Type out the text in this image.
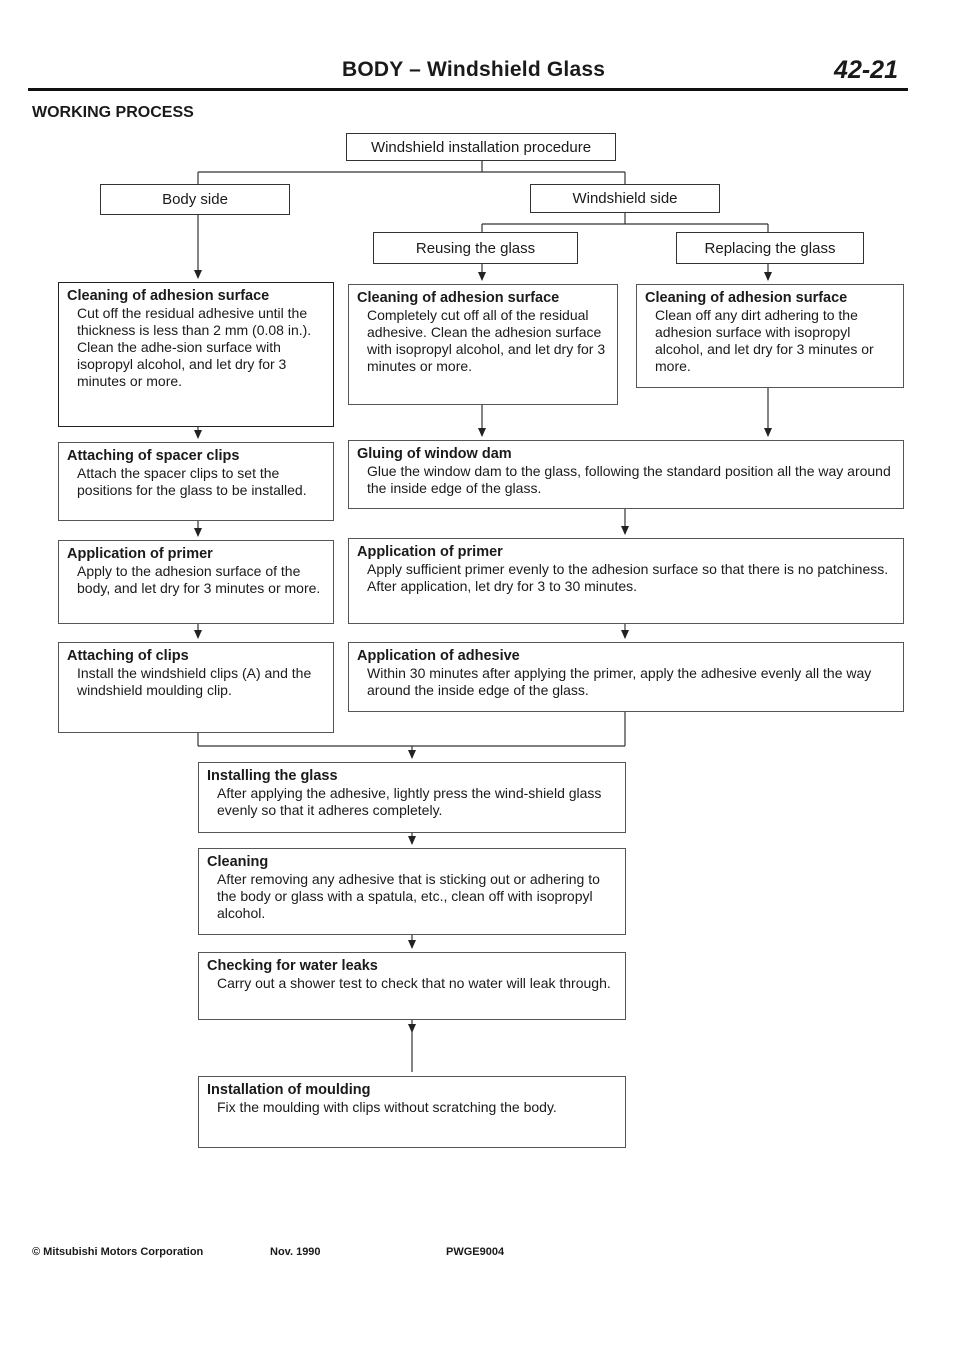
BODY – Windshield Glass	42-21
WORKING PROCESS
Windshield installation procedure
Body side	Windshield side
Reusing the glass	Replacing the glass
Cleaning of adhesion surface

Cut off the residual adhesive until the thickness is less than 2 mm (0.08 in.). Clean the adhe-sion surface with isopropyl alcohol, and let dry for 3 minutes or more.

Attaching of spacer clips

Attach the spacer clips to set the positions for the glass to be installed.

Application of primer

Apply to the adhesion surface of the body, and let dry for 3 minutes or more.

Attaching of clips

Install the windshield clips (A) and the windshield moulding clip.

Cleaning of adhesion surface

Completely cut off all of the residual adhesive. Clean the adhesion surface with isopropyl alcohol, and let dry for 3 minutes or more.

Cleaning of adhesion surface

Clean off any dirt adhering to the adhesion surface with isopropyl alcohol, and let dry for 3 minutes or more.

Gluing of window dam

Glue the window dam to the glass, following the standard position all the way around the inside edge of the glass.

Application of primer

Apply sufficient primer evenly to the adhesion surface so that there is no patchiness.

After application, let dry for 3 to 30 minutes.

Application of adhesive

Within 30 minutes after applying the primer, apply the adhesive evenly all the way around the inside edge of the glass.

Installing the glass

After applying the adhesive, lightly press the wind-shield glass evenly so that it adheres completely.

Cleaning

After removing any adhesive that is sticking out or adhering to the body or glass with a spatula, etc., clean off with isopropyl alcohol.

Checking for water leaks

Carry out a shower test to check that no water will leak through.

Installation of moulding

Fix the moulding with clips without scratching the body.

© Mitsubishi Motors Corporation	Nov. 1990	PWGE9004
